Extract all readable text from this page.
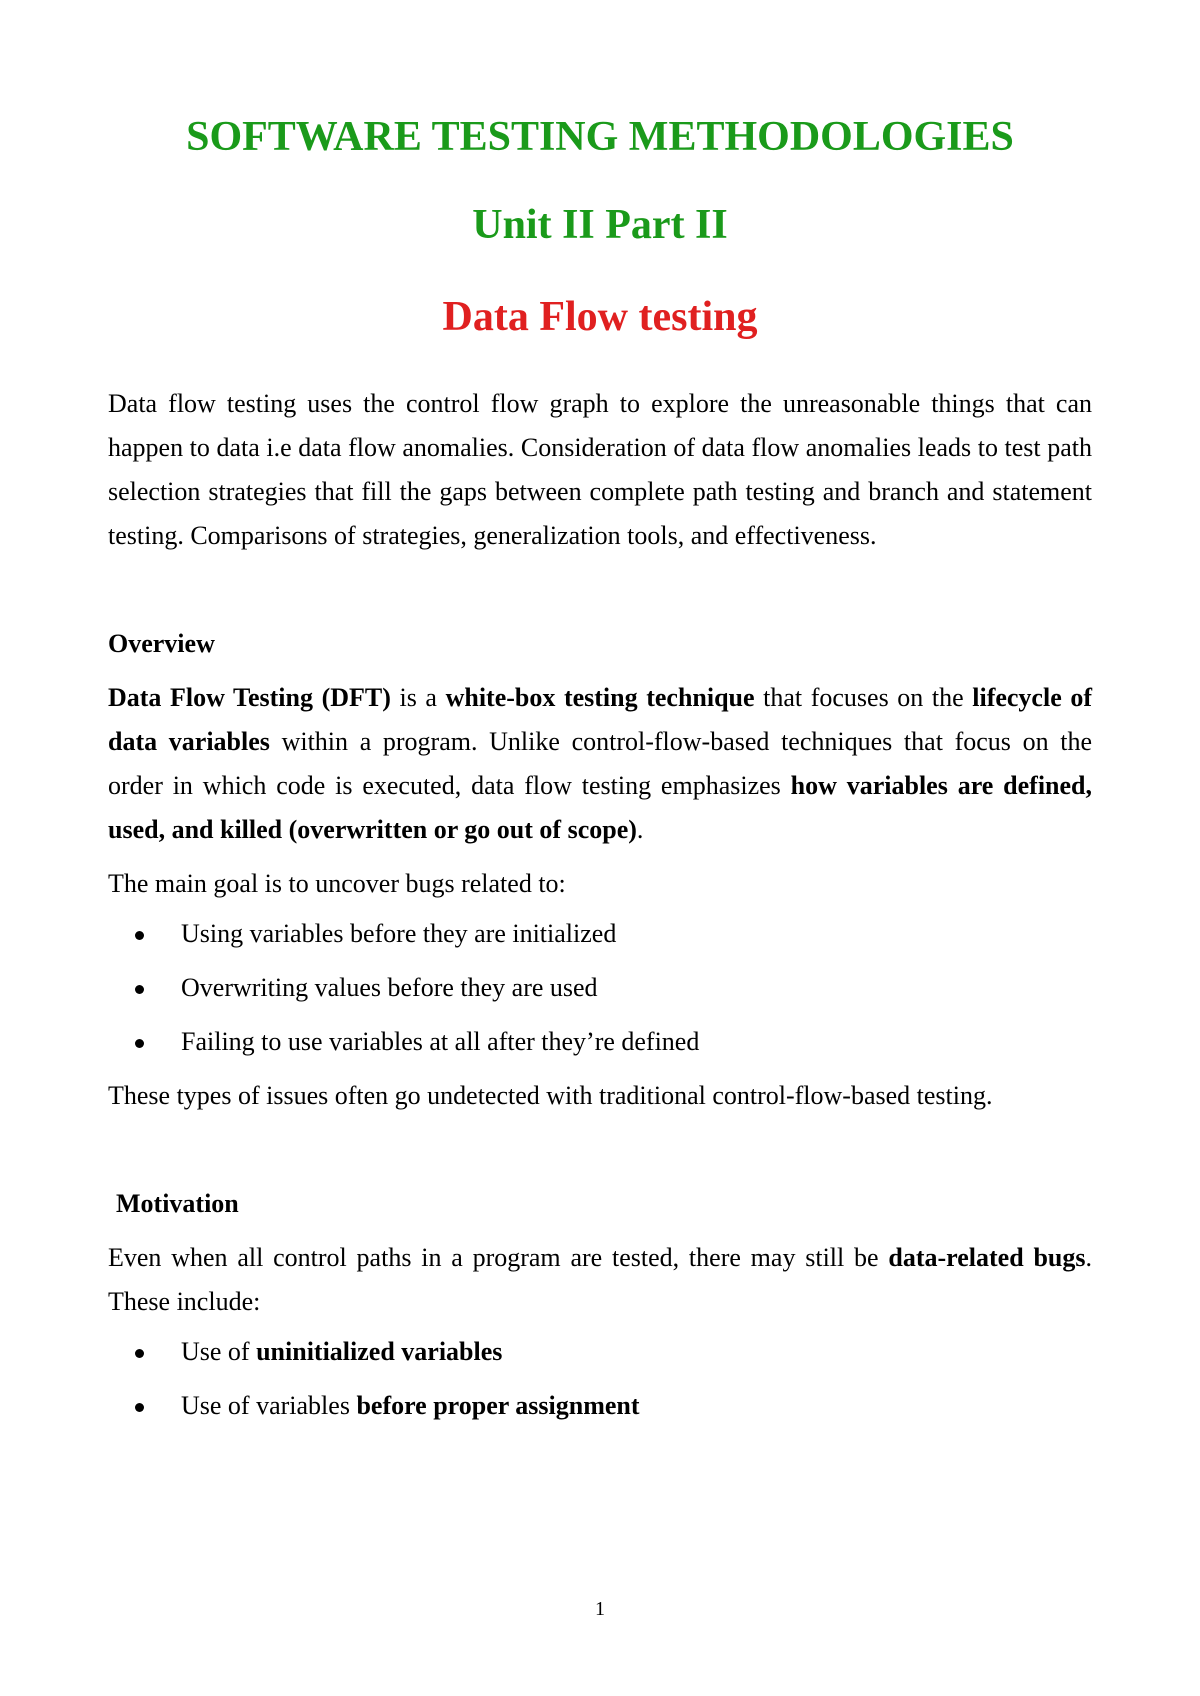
SOFTWARE TESTING METHODOLOGIES
Unit II Part II
Data Flow testing

Data flow testing uses the control flow graph to explore the unreasonable things that can happen to data i.e data flow anomalies. Consideration of data flow anomalies leads to test path selection strategies that fill the gaps between complete path testing and branch and statement testing. Comparisons of strategies, generalization tools, and effectiveness.

Overview

Data Flow Testing (DFT) is a white-box testing technique that focuses on the lifecycle of data variables within a program. Unlike control-flow-based techniques that focus on the order in which code is executed, data flow testing emphasizes how variables are defined, used, and killed (overwritten or go out of scope).

The main goal is to uncover bugs related to:

Using variables before they are initialized
Overwriting values before they are used
Failing to use variables at all after they’re defined

These types of issues often go undetected with traditional control-flow-based testing.

Motivation

Even when all control paths in a program are tested, there may still be data-related bugs. These include:

Use of uninitialized variables
Use of variables before proper assignment
1
